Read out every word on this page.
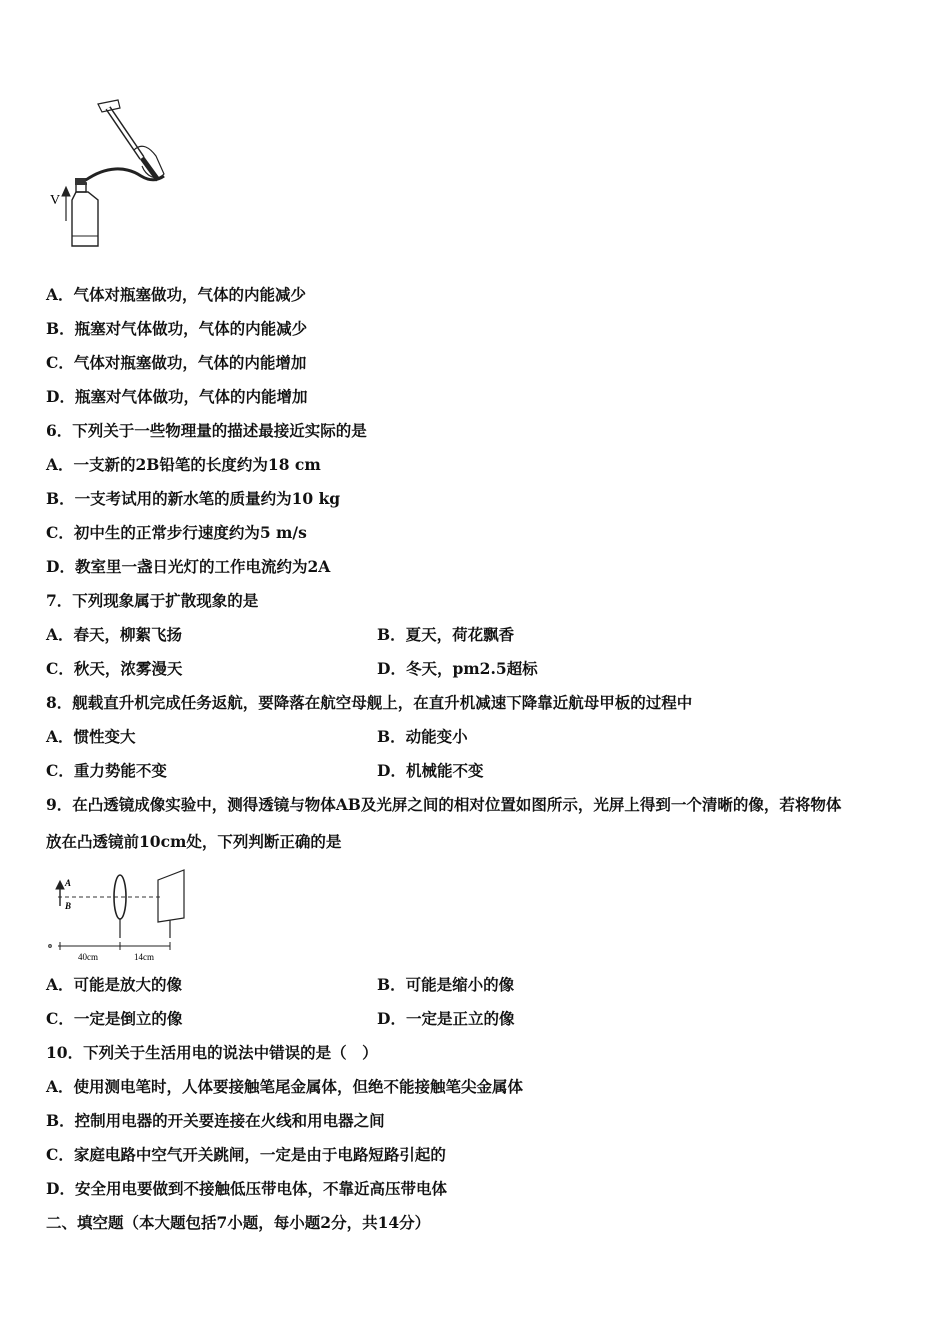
V
A．气体对瓶塞做功，气体的内能减少
B．瓶塞对气体做功，气体的内能减少
C．气体对瓶塞做功，气体的内能增加
D．瓶塞对气体做功，气体的内能增加
6．下列关于一些物理量的描述最接近实际的是
A．一支新的2B铅笔的长度约为18 cm
B．一支考试用的新水笔的质量约为10 kg
C．初中生的正常步行速度约为5 m/s
D．教室里一盏日光灯的工作电流约为2A
7．下列现象属于扩散现象的是
A．春天，柳絮飞扬	B．夏天，荷花飘香
C．秋天，浓雾漫天	D．冬天，pm2.5超标
8．舰载直升机完成任务返航，要降落在航空母舰上，在直升机减速下降靠近航母甲板的过程中
A．惯性变大	B．动能变小
C．重力势能不变	D．机械能不变
9．在凸透镜成像实验中，测得透镜与物体AB及光屏之间的相对位置如图所示，光屏上得到一个清晰的像，若将物体
放在凸透镜前10cm处，下列判断正确的是
A
B
o
40cm	14cm
A．可能是放大的像	B．可能是缩小的像
C．一定是倒立的像	D．一定是正立的像
10．下列关于生活用电的说法中错误的是（　）
A．使用测电笔时，人体要接触笔尾金属体，但绝不能接触笔尖金属体
B．控制用电器的开关要连接在火线和用电器之间
C．家庭电路中空气开关跳闸，一定是由于电路短路引起的
D．安全用电要做到不接触低压带电体，不靠近高压带电体
二、填空题（本大题包括7小题，每小题2分，共14分）
